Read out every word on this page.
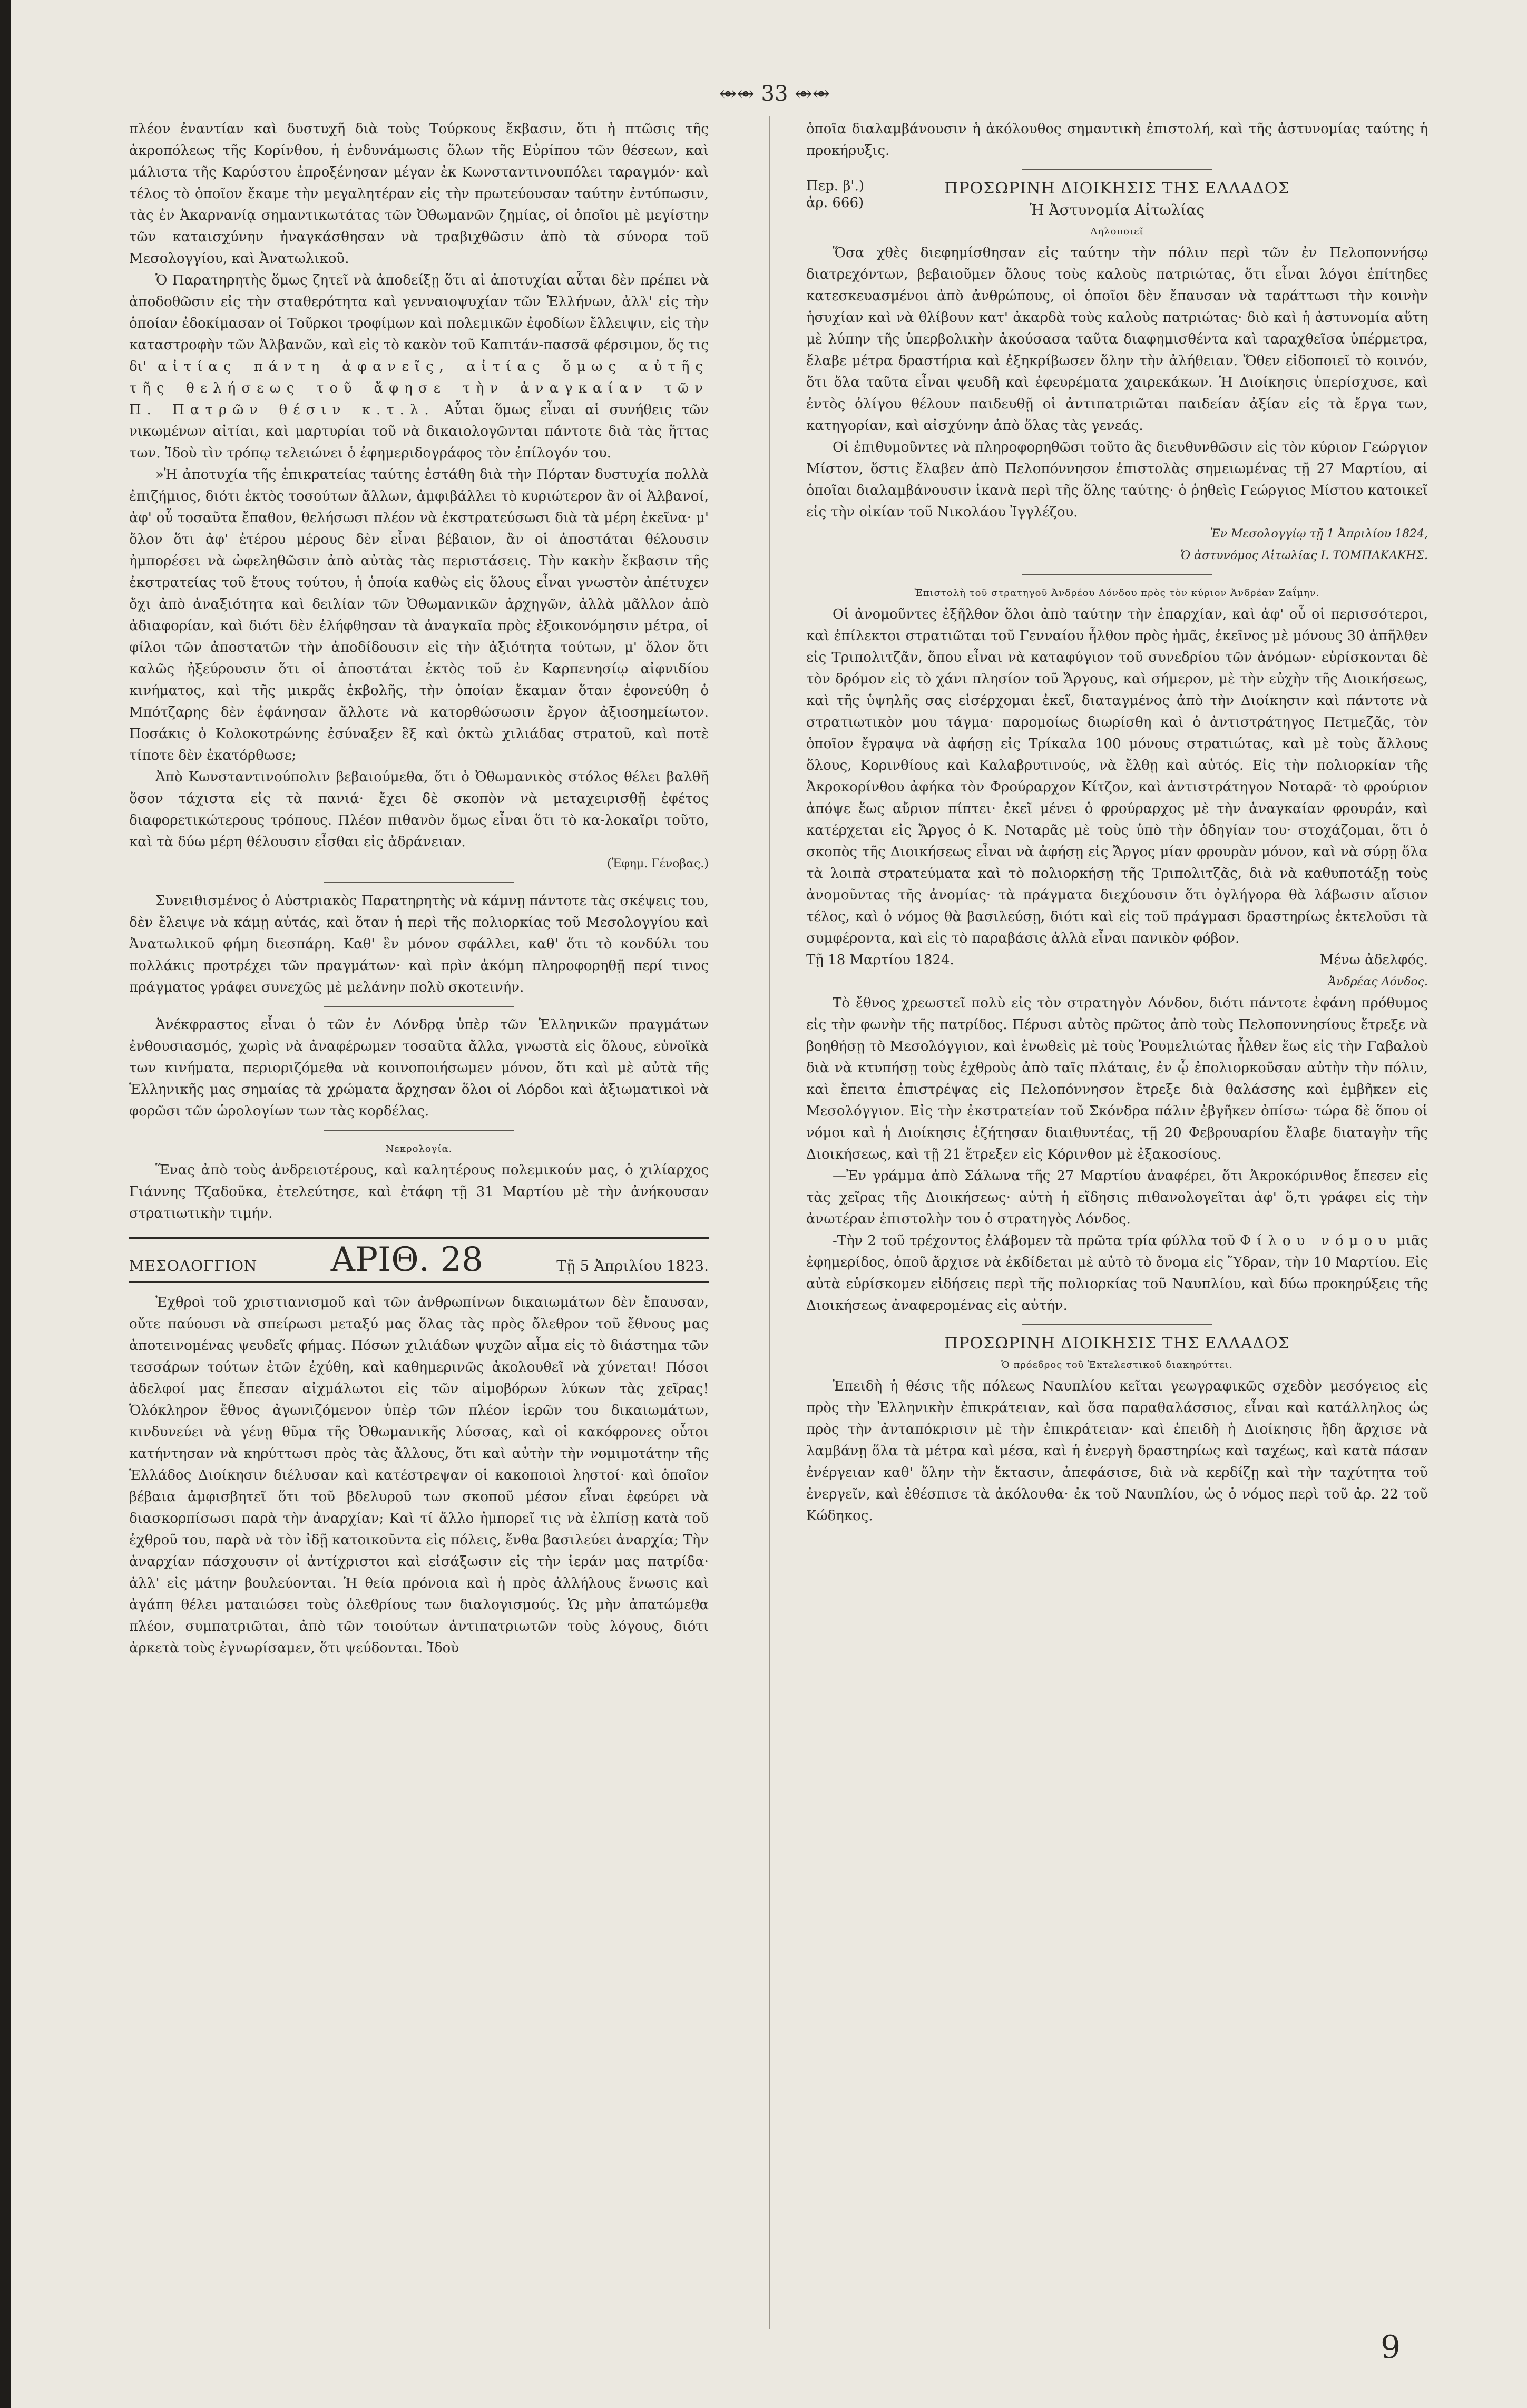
⥈⥈ 33 ⥈⥈

πλέον ἐναντίαν καὶ δυστυχῆ διὰ τοὺς Τούρκους ἔκβασιν, ὅτι ἡ πτῶσις τῆς ἀκροπόλεως τῆς Κορίνθου, ἡ ἐνδυνάμωσις ὅλων τῆς Εὐρίπου τῶν θέσεων, καὶ μάλιστα τῆς Καρύστου ἐπροξένησαν μέγαν ἐκ Κωνσταντινουπόλει ταραγμόν· καὶ τέλος τὸ ὁποῖον ἔκαμε τὴν μεγαλητέραν εἰς τὴν πρωτεύουσαν ταύτην ἐντύπωσιν, τὰς ἐν Ἀκαρνανίᾳ σημαντικωτάτας τῶν Ὀθωμανῶν ζημίας, οἱ ὁποῖοι μὲ μεγίστην τῶν καταισχύνην ἠναγκάσθησαν νὰ τραβιχθῶσιν ἀπὸ τὰ σύνορα τοῦ Μεσολογγίου, καὶ Ἀνατωλικοῦ.

Ὁ Παρατηρητὴς ὅμως ζητεῖ νὰ ἀποδείξῃ ὅτι αἱ ἀποτυχίαι αὗται δὲν πρέπει νὰ ἀποδοθῶσιν εἰς τὴν σταθερότητα καὶ γενναιοψυχίαν τῶν Ἑλλήνων, ἀλλ' εἰς τὴν ὁποίαν ἐδοκίμασαν οἱ Τοῦρκοι τροφίμων καὶ πολεμικῶν ἐφοδίων ἔλλειψιν, εἰς τὴν καταστροφὴν τῶν Ἀλβανῶν, καὶ εἰς τὸ κακὸν τοῦ Καπιτάν-πασσᾶ φέρσιμον, ὅς τις δι' αἰτίας πάντη ἀφανεῖς, αἰτίας ὅμως αὐτῆς τῆς θελήσεως τοῦ ἄφησε τὴν ἀναγκαίαν τῶν Π. Πατρῶν θέσιν κ.τ.λ. Αὗται ὅμως εἶναι αἱ συνήθεις τῶν νικωμένων αἰτίαι, καὶ μαρτυρίαι τοῦ νὰ δικαιολογῶνται πάντοτε διὰ τὰς ἥττας των. Ἰδοὺ τὶν τρόπῳ τελειώνει ὁ ἐφημεριδογράφος τὸν ἐπίλογόν του.

»Ἡ ἀποτυχία τῆς ἐπικρατείας ταύτης ἐστάθη διὰ τὴν Πόρταν δυστυχία πολλὰ ἐπιζήμιος, διότι ἐκτὸς τοσούτων ἄλλων, ἀμφιβάλλει τὸ κυριώτερον ἂν οἱ Ἀλβανοί, ἀφ' οὗ τοσαῦτα ἔπαθον, θελήσωσι πλέον νὰ ἐκστρατεύσωσι διὰ τὰ μέρη ἐκεῖνα· μ' ὅλον ὅτι ἀφ' ἑτέρου μέρους δὲν εἶναι βέβαιον, ἂν οἱ ἀποστάται θέλουσιν ἠμπορέσει νὰ ὠφεληθῶσιν ἀπὸ αὐτὰς τὰς περιστάσεις. Τὴν κακὴν ἔκβασιν τῆς ἐκστρατείας τοῦ ἔτους τούτου, ἡ ὁποία καθὼς εἰς ὅλους εἶναι γνωστὸν ἀπέτυχεν ὄχι ἀπὸ ἀναξιότητα καὶ δειλίαν τῶν Ὀθωμανικῶν ἀρχηγῶν, ἀλλὰ μᾶλλον ἀπὸ ἀδιαφορίαν, καὶ διότι δὲν ἐλήφθησαν τὰ ἀναγκαῖα πρὸς ἐξοικονόμησιν μέτρα, οἱ φίλοι τῶν ἀποστατῶν τὴν ἀποδίδουσιν εἰς τὴν ἀξιότητα τούτων, μ' ὅλον ὅτι καλῶς ἠξεύρουσιν ὅτι οἱ ἀποστάται ἐκτὸς τοῦ ἐν Καρπενησίῳ αἰφνιδίου κινήματος, καὶ τῆς μικρᾶς ἐκβολῆς, τὴν ὁποίαν ἔκαμαν ὅταν ἐφονεύθη ὁ Μπότζαρης δὲν ἐφάνησαν ἄλλοτε νὰ κατορθώσωσιν ἔργον ἀξιοσημείωτον. Ποσάκις ὁ Κολοκοτρώνης ἐσύναξεν ἓξ καὶ ὀκτὼ χιλιάδας στρατοῦ, καὶ ποτὲ τίποτε δὲν ἐκατόρθωσε;

Ἀπὸ Κωνσταντινούπολιν βεβαιούμεθα, ὅτι ὁ Ὀθωμανικὸς στόλος θέλει βαλθῆ ὅσον τάχιστα εἰς τὰ πανιά· ἔχει δὲ σκοπὸν νὰ μεταχειρισθῇ ἐφέτος διαφορετικώτερους τρόπους. Πλέον πιθανὸν ὅμως εἶναι ὅτι τὸ κα-λοκαῖρι τοῦτο, καὶ τὰ δύω μέρη θέλουσιν εἶσθαι εἰς ἀδράνειαν.

(Ἐφημ. Γένοβας.)

Συνειθισμένος ὁ Αὐστριακὸς Παρατηρητὴς νὰ κάμνῃ πάντοτε τὰς σκέψεις του, δὲν ἔλειψε νὰ κάμῃ αὐτάς, καὶ ὅταν ἡ περὶ τῆς πολιορκίας τοῦ Μεσολογγίου καὶ Ἀνατωλικοῦ φήμη διεσπάρη. Καθ' ἓν μόνον σφάλλει, καθ' ὅτι τὸ κονδύλι του πολλάκις προτρέχει τῶν πραγμάτων· καὶ πρὶν ἀκόμη πληροφορηθῇ περί τινος πράγματος γράφει συνεχῶς μὲ μελάνην πολὺ σκοτεινήν.

Ἀνέκφραστος εἶναι ὁ τῶν ἐν Λόνδρᾳ ὑπὲρ τῶν Ἑλληνικῶν πραγμάτων ἐνθουσιασμός, χωρὶς νὰ ἀναφέρωμεν τοσαῦτα ἄλλα, γνωστὰ εἰς ὅλους, εὐνοϊκὰ των κινήματα, περιοριζόμεθα νὰ κοινοποιήσωμεν μόνον, ὅτι καὶ μὲ αὐτὰ τῆς Ἑλληνικῆς μας σημαίας τὰ χρώματα ἄρχησαν ὅλοι οἱ Λόρδοι καὶ ἀξιωματικοὶ νὰ φορῶσι τῶν ὡρολογίων των τὰς κορδέλας.

Νεκρολογία.

Ἕνας ἀπὸ τοὺς ἀνδρειοτέρους, καὶ καλητέρους πολεμικούν μας, ὁ χιλίαρχος Γιάννης Τζαδοῦκα, ἐτελεύτησε, καὶ ἐτάφη τῇ 31 Μαρτίου μὲ τὴν ἀνήκουσαν στρατιωτικὴν τιμήν.

ΜΕΣΟΛΟΓΓΙΟΝ ΑΡΙΘ. 28	Τῇ 5 Ἀπριλίου 1823.

Ἐχθροὶ τοῦ χριστιανισμοῦ καὶ τῶν ἀνθρωπίνων δικαιωμάτων δὲν ἔπαυσαν, οὔτε παύουσι νὰ σπείρωσι μεταξύ μας ὅλας τὰς πρὸς ὄλεθρον τοῦ ἔθνους μας ἀποτεινομένας ψευδεῖς φήμας. Πόσων χιλιάδων ψυχῶν αἷμα εἰς τὸ διάστημα τῶν τεσσάρων τούτων ἐτῶν ἐχύθη, καὶ καθημερινῶς ἀκολουθεῖ νὰ χύνεται! Πόσοι ἀδελφοί μας ἔπεσαν αἰχμάλωτοι εἰς τῶν αἱμοβόρων λύκων τὰς χεῖρας! Ὁλόκληρον ἔθνος ἀγωνιζόμενον ὑπὲρ τῶν πλέον ἱερῶν του δικαιωμάτων, κινδυνεύει νὰ γένῃ θῦμα τῆς Ὀθωμανικῆς λύσσας, καὶ οἱ κακόφρονες οὗτοι κατήντησαν νὰ κηρύττωσι πρὸς τὰς ἄλλους, ὅτι καὶ αὐτὴν τὴν νομιμοτάτην τῆς Ἑλλάδος Διοίκησιν διέλυσαν καὶ κατέστρεψαν οἱ κακοποιοὶ ληστοί· καὶ ὁποῖον βέβαια ἀμφισβητεῖ ὅτι τοῦ βδελυροῦ των σκοποῦ μέσον εἶναι ἐφεύρει νὰ διασκορπίσωσι παρὰ τὴν ἀναρχίαν; Καὶ τί ἄλλο ἠμπορεῖ τις νὰ ἐλπίσῃ κατὰ τοῦ ἐχθροῦ του, παρὰ νὰ τὸν ἰδῇ κατοικοῦντα εἰς πόλεις, ἔνθα βασιλεύει ἀναρχία; Τὴν ἀναρχίαν πάσχουσιν οἱ ἀντίχριστοι καὶ εἰσάξωσιν εἰς τὴν ἱεράν μας πατρίδα· ἀλλ' εἰς μάτην βουλεύονται. Ἡ θεία πρόνοια καὶ ἡ πρὸς ἀλλήλους ἕνωσις καὶ ἀγάπη θέλει ματαιώσει τοὺς ὀλεθρίους των διαλογισμούς. Ὡς μὴν ἀπατώμεθα πλέον, συμπατριῶται, ἀπὸ τῶν τοιούτων ἀντιπατριωτῶν τοὺς λόγους, διότι ἀρκετὰ τοὺς ἐγνωρίσαμεν, ὅτι ψεύδονται. Ἰδοὺ

ὁποῖα διαλαμβάνουσιν ἡ ἀκόλουθος σημαντικὴ ἐπιστολή, καὶ τῆς ἀστυνομίας ταύτης ἡ προκήρυξις.

Πεp. β'.)
ἀρ. 666)

ΠΡΟΣΩΡΙΝΗ ΔΙΟΙΚΗΣΙΣ ΤΗΣ ΕΛΛΑΔΟΣ

Ἡ Ἀστυνομία Αἰτωλίας

Δηλοποιεῖ

Ὅσα χθὲς διεφημίσθησαν εἰς ταύτην τὴν πόλιν περὶ τῶν ἐν Πελοποννήσῳ διατρεχόντων, βεβαιοῦμεν ὅλους τοὺς καλοὺς πατριώτας, ὅτι εἶναι λόγοι ἐπίτηδες κατεσκευασμένοι ἀπὸ ἀνθρώπους, οἱ ὁποῖοι δὲν ἔπαυσαν νὰ ταράττωσι τὴν κοινὴν ἡσυχίαν καὶ νὰ θλίβουν κατ' ἀκαρδὰ τοὺς καλοὺς πατριώτας· διὸ καὶ ἡ ἀστυνομία αὕτη μὲ λύπην τῆς ὑπερβολικὴν ἀκούσασα ταῦτα διαφημισθέντα καὶ ταραχθεῖσα ὑπέρμετρα, ἔλαβε μέτρα δραστήρια καὶ ἐξηκρίβωσεν ὅλην τὴν ἀλήθειαν. Ὅθεν εἰδοποιεῖ τὸ κοινόν, ὅτι ὅλα ταῦτα εἶναι ψευδῆ καὶ ἐφευρέματα χαιρεκάκων. Ἡ Διοίκησις ὑπερίσχυσε, καὶ ἐντὸς ὀλίγου θέλουν παιδευθῇ οἱ ἀντιπατριῶται παιδείαν ἀξίαν εἰς τὰ ἔργα των, κατηγορίαν, καὶ αἰσχύνην ἀπὸ ὅλας τὰς γενεάς.

Οἱ ἐπιθυμοῦντες νὰ πληροφορηθῶσι τοῦτο ἂς διευθυνθῶσιν εἰς τὸν κύριον Γεώργιον Μίστον, ὅστις ἔλαβεν ἀπὸ Πελοπόννησον ἐπιστολὰς σημειωμένας τῇ 27 Μαρτίου, αἱ ὁποῖαι διαλαμβάνουσιν ἱκανὰ περὶ τῆς ὅλης ταύτης· ὁ ῥηθεὶς Γεώργιος Μίστου κατοικεῖ εἰς τὴν οἰκίαν τοῦ Νικολάου Ἰγγλέζου.

Ἐν Μεσολογγίῳ τῇ 1 Ἀπριλίου 1824,

Ὁ ἀστυνόμος Αἰτωλίας Ι. ΤΟΜΠΑΚΑΚΗΣ.

Ἐπιστολὴ τοῦ στρατηγοῦ Ἀνδρέου Λόνδου πρὸς τὸν κύριον Ἀνδρέαν Ζαΐμην.

Οἱ ἀνομοῦντες ἐξῆλθον ὅλοι ἀπὸ ταύτην τὴν ἐπαρχίαν, καὶ ἀφ' οὗ οἱ περισσότεροι, καὶ ἐπίλεκτοι στρατιῶται τοῦ Γενναίου ἦλθον πρὸς ἡμᾶς, ἐκεῖνος μὲ μόνους 30 ἀπῆλθεν εἰς Τριπολιτζᾶν, ὅπου εἶναι νὰ καταφύγιον τοῦ συνεδρίου τῶν ἀνόμων· εὑρίσκονται δὲ τὸν δρόμον εἰς τὸ χάνι πλησίον τοῦ Ἄργους, καὶ σήμερον, μὲ τὴν εὐχὴν τῆς Διοικήσεως, καὶ τῆς ὑψηλῆς σας εἰσέρχομαι ἐκεῖ, διαταγμένος ἀπὸ τὴν Διοίκησιν καὶ πάντοτε νὰ στρατιωτικὸν μου τάγμα· παρομοίως διωρίσθη καὶ ὁ ἀντιστράτηγος Πετμεζᾶς, τὸν ὁποῖον ἔγραψα νὰ ἀφήσῃ εἰς Τρίκαλα 100 μόνους στρατιώτας, καὶ μὲ τοὺς ἄλλους ὅλους, Κορινθίους καὶ Καλαβρυτινούς, νὰ ἔλθῃ καὶ αὐτός. Εἰς τὴν πολιορκίαν τῆς Ἀκροκορίνθου ἀφήκα τὸν Φρούραρχον Κίτζον, καὶ ἀντιστράτηγον Νοταρᾶ· τὸ φρούριον ἀπόψε ἕως αὔριον πίπτει· ἐκεῖ μένει ὁ φρούραρχος μὲ τὴν ἀναγκαίαν φρουράν, καὶ κατέρχεται εἰς Ἄργος ὁ Κ. Νοταρᾶς μὲ τοὺς ὑπὸ τὴν ὁδηγίαν του· στοχάζομαι, ὅτι ὁ σκοπὸς τῆς Διοικήσεως εἶναι νὰ ἀφήσῃ εἰς Ἄργος μίαν φρουρὰν μόνον, καὶ νὰ σύρῃ ὅλα τὰ λοιπὰ στρατεύματα καὶ τὸ πολιορκήσῃ τῆς Τριπολιτζᾶς, διὰ νὰ καθυποτάξῃ τοὺς ἀνομοῦντας τῆς ἀνομίας· τὰ πράγματα διεχύουσιν ὅτι ὀγλήγορα θὰ λάβωσιν αἴσιον τέλος, καὶ ὁ νόμος θὰ βασιλεύσῃ, διότι καὶ εἰς τοῦ πράγμασι δραστηρίως ἐκτελοῦσι τὰ συμφέροντα, καὶ εἰς τὸ παραβάσις ἀλλὰ εἶναι πανικὸν φόβον.

Τῇ 18 Μαρτίου 1824.	Μένω ἀδελφός.

Ἀνδρέας Λόνδος.

Τὸ ἔθνος χρεωστεῖ πολὺ εἰς τὸν στρατηγὸν Λόνδον, διότι πάντοτε ἐφάνη πρόθυμος εἰς τὴν φωνὴν τῆς πατρίδος. Πέρυσι αὐτὸς πρῶτος ἀπὸ τοὺς Πελοποννησίους ἔτρεξε νὰ βοηθήσῃ τὸ Μεσολόγγιον, καὶ ἑνωθεὶς μὲ τοὺς Ῥουμελιώτας ἦλθεν ἕως εἰς τὴν Γαβαλοὺ διὰ νὰ κτυπήσῃ τοὺς ἐχθροὺς ἀπὸ ταῖς πλάταις, ἐν ᾧ ἐπολιορκοῦσαν αὐτὴν τὴν πόλιν, καὶ ἔπειτα ἐπιστρέψας εἰς Πελοπόννησον ἔτρεξε διὰ θαλάσσης καὶ ἐμβῆκεν εἰς Μεσολόγγιον. Εἰς τὴν ἐκστρατείαν τοῦ Σκόνδρα πάλιν ἐβγῆκεν ὀπίσω· τώρα δὲ ὅπου οἱ νόμοι καὶ ἡ Διοίκησις ἐζήτησαν διαιθυντέας, τῇ 20 Φεβρουαρίου ἔλαβε διαταγὴν τῆς Διοικήσεως, καὶ τῇ 21 ἔτρεξεν εἰς Κόρινθον μὲ ἐξακοσίους.

—Ἐν γράμμα ἀπὸ Σάλωνα τῆς 27 Μαρτίου ἀναφέρει, ὅτι Ἀκροκόρινθος ἔπεσεν εἰς τὰς χεῖρας τῆς Διοικήσεως· αὐτὴ ἡ εἴδησις πιθανολογεῖται ἀφ' ὅ,τι γράφει εἰς τὴν ἀνωτέραν ἐπιστολὴν του ὁ στρατηγὸς Λόνδος.

-Τὴν 2 τοῦ τρέχοντος ἐλάβομεν τὰ πρῶτα τρία φύλλα τοῦ Φίλου νόμου μιᾶς ἐφημερίδος, ὁποῦ ἄρχισε νὰ ἐκδίδεται μὲ αὐτὸ τὸ ὄνομα εἰς Ὕδραν, τὴν 10 Μαρτίου. Εἰς αὐτὰ εὑρίσκομεν εἰδήσεις περὶ τῆς πολιορκίας τοῦ Ναυπλίου, καὶ δύω προκηρύξεις τῆς Διοικήσεως ἀναφερομένας εἰς αὐτήν.

ΠΡΟΣΩΡΙΝΗ ΔΙΟΙΚΗΣΙΣ ΤΗΣ ΕΛΛΑΔΟΣ

Ὁ πρόεδρος τοῦ Ἐκτελεστικοῦ διακηρύττει.

Ἐπειδὴ ἡ θέσις τῆς πόλεως Ναυπλίου κεῖται γεωγραφικῶς σχεδὸν μεσόγειος εἰς πρὸς τὴν Ἑλληνικὴν ἐπικράτειαν, καὶ ὅσα παραθαλάσσιος, εἶναι καὶ κατάλληλος ὡς πρὸς τὴν ἀνταπόκρισιν μὲ τὴν ἐπικράτειαν· καὶ ἐπειδὴ ἡ Διοίκησις ἤδη ἄρχισε νὰ λαμβάνῃ ὅλα τὰ μέτρα καὶ μέσα, καὶ ἡ ἐνεργὴ δραστηρίως καὶ ταχέως, καὶ κατὰ πάσαν ἐνέργειαν καθ' ὅλην τὴν ἔκτασιν, ἀπεφάσισε, διὰ νὰ κερδίζῃ καὶ τὴν ταχύτητα τοῦ ἐνεργεῖν, καὶ ἐθέσπισε τὰ ἀκόλουθα· ἐκ τοῦ Ναυπλίου, ὡς ὁ νόμος περὶ τοῦ ἀρ. 22 τοῦ Κώδηκος.

9
